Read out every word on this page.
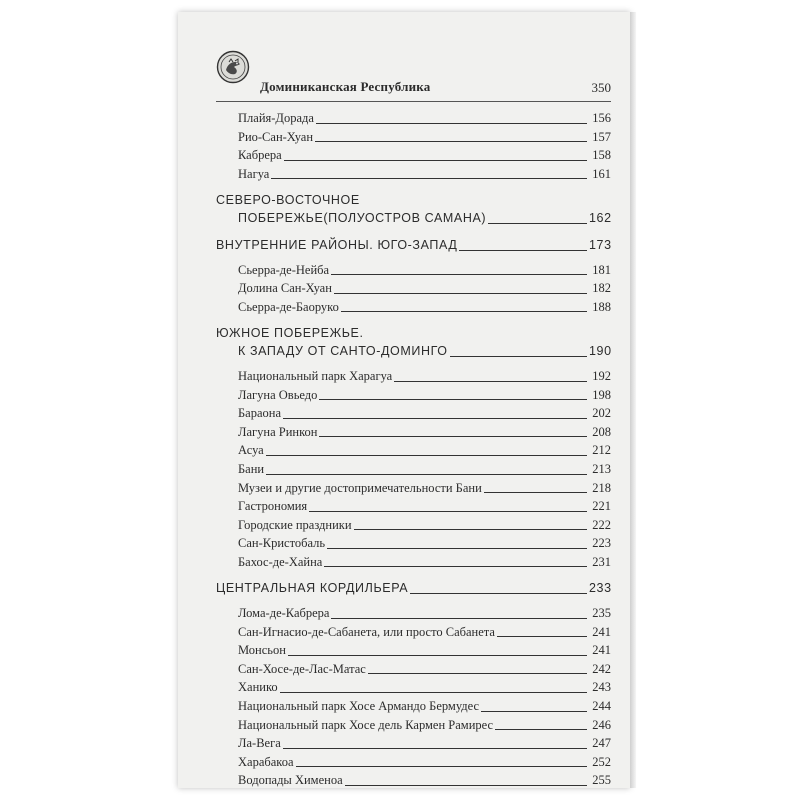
Доминиканская Республика	350
Плайя-Дорада	156
Рио-Сан-Хуан	157
Кабрера	158
Нагуа	161
СЕВЕРО-ВОСТОЧНОЕ
ПОБЕРЕЖЬЕ(ПОЛУОСТРОВ САМАНА)	162
ВНУТРЕННИЕ РАЙОНЫ. ЮГО-ЗАПАД	173
Сьерра-де-Нейба	181
Долина Сан-Хуан	182
Сьерра-де-Баоруко	188
ЮЖНОЕ ПОБЕРЕЖЬЕ.
К ЗАПАДУ ОТ САНТО-ДОМИНГО	190
Национальный парк Харагуа	192
Лагуна Овьедо	198
Бараона	202
Лагуна Ринкон	208
Асуа	212
Бани	213
Музеи и другие достопримечательности Бани	218
Гастрономия	221
Городские праздники	222
Сан-Кристобаль	223
Бахос-де-Хайна	231
ЦЕНТРАЛЬНАЯ КОРДИЛЬЕРА	233
Лома-де-Кабрера	235
Сан-Игнасио-де-Сабанета, или просто Сабанета	241
Монсьон	241
Сан-Хосе-де-Лас-Матас	242
Ханико	243
Национальный парк Хосе Армандо Бермудес	244
Национальный парк Хосе дель Кармен Рамирес	246
Ла-Вега	247
Харабакоа	252
Водопады Хименоа	255
